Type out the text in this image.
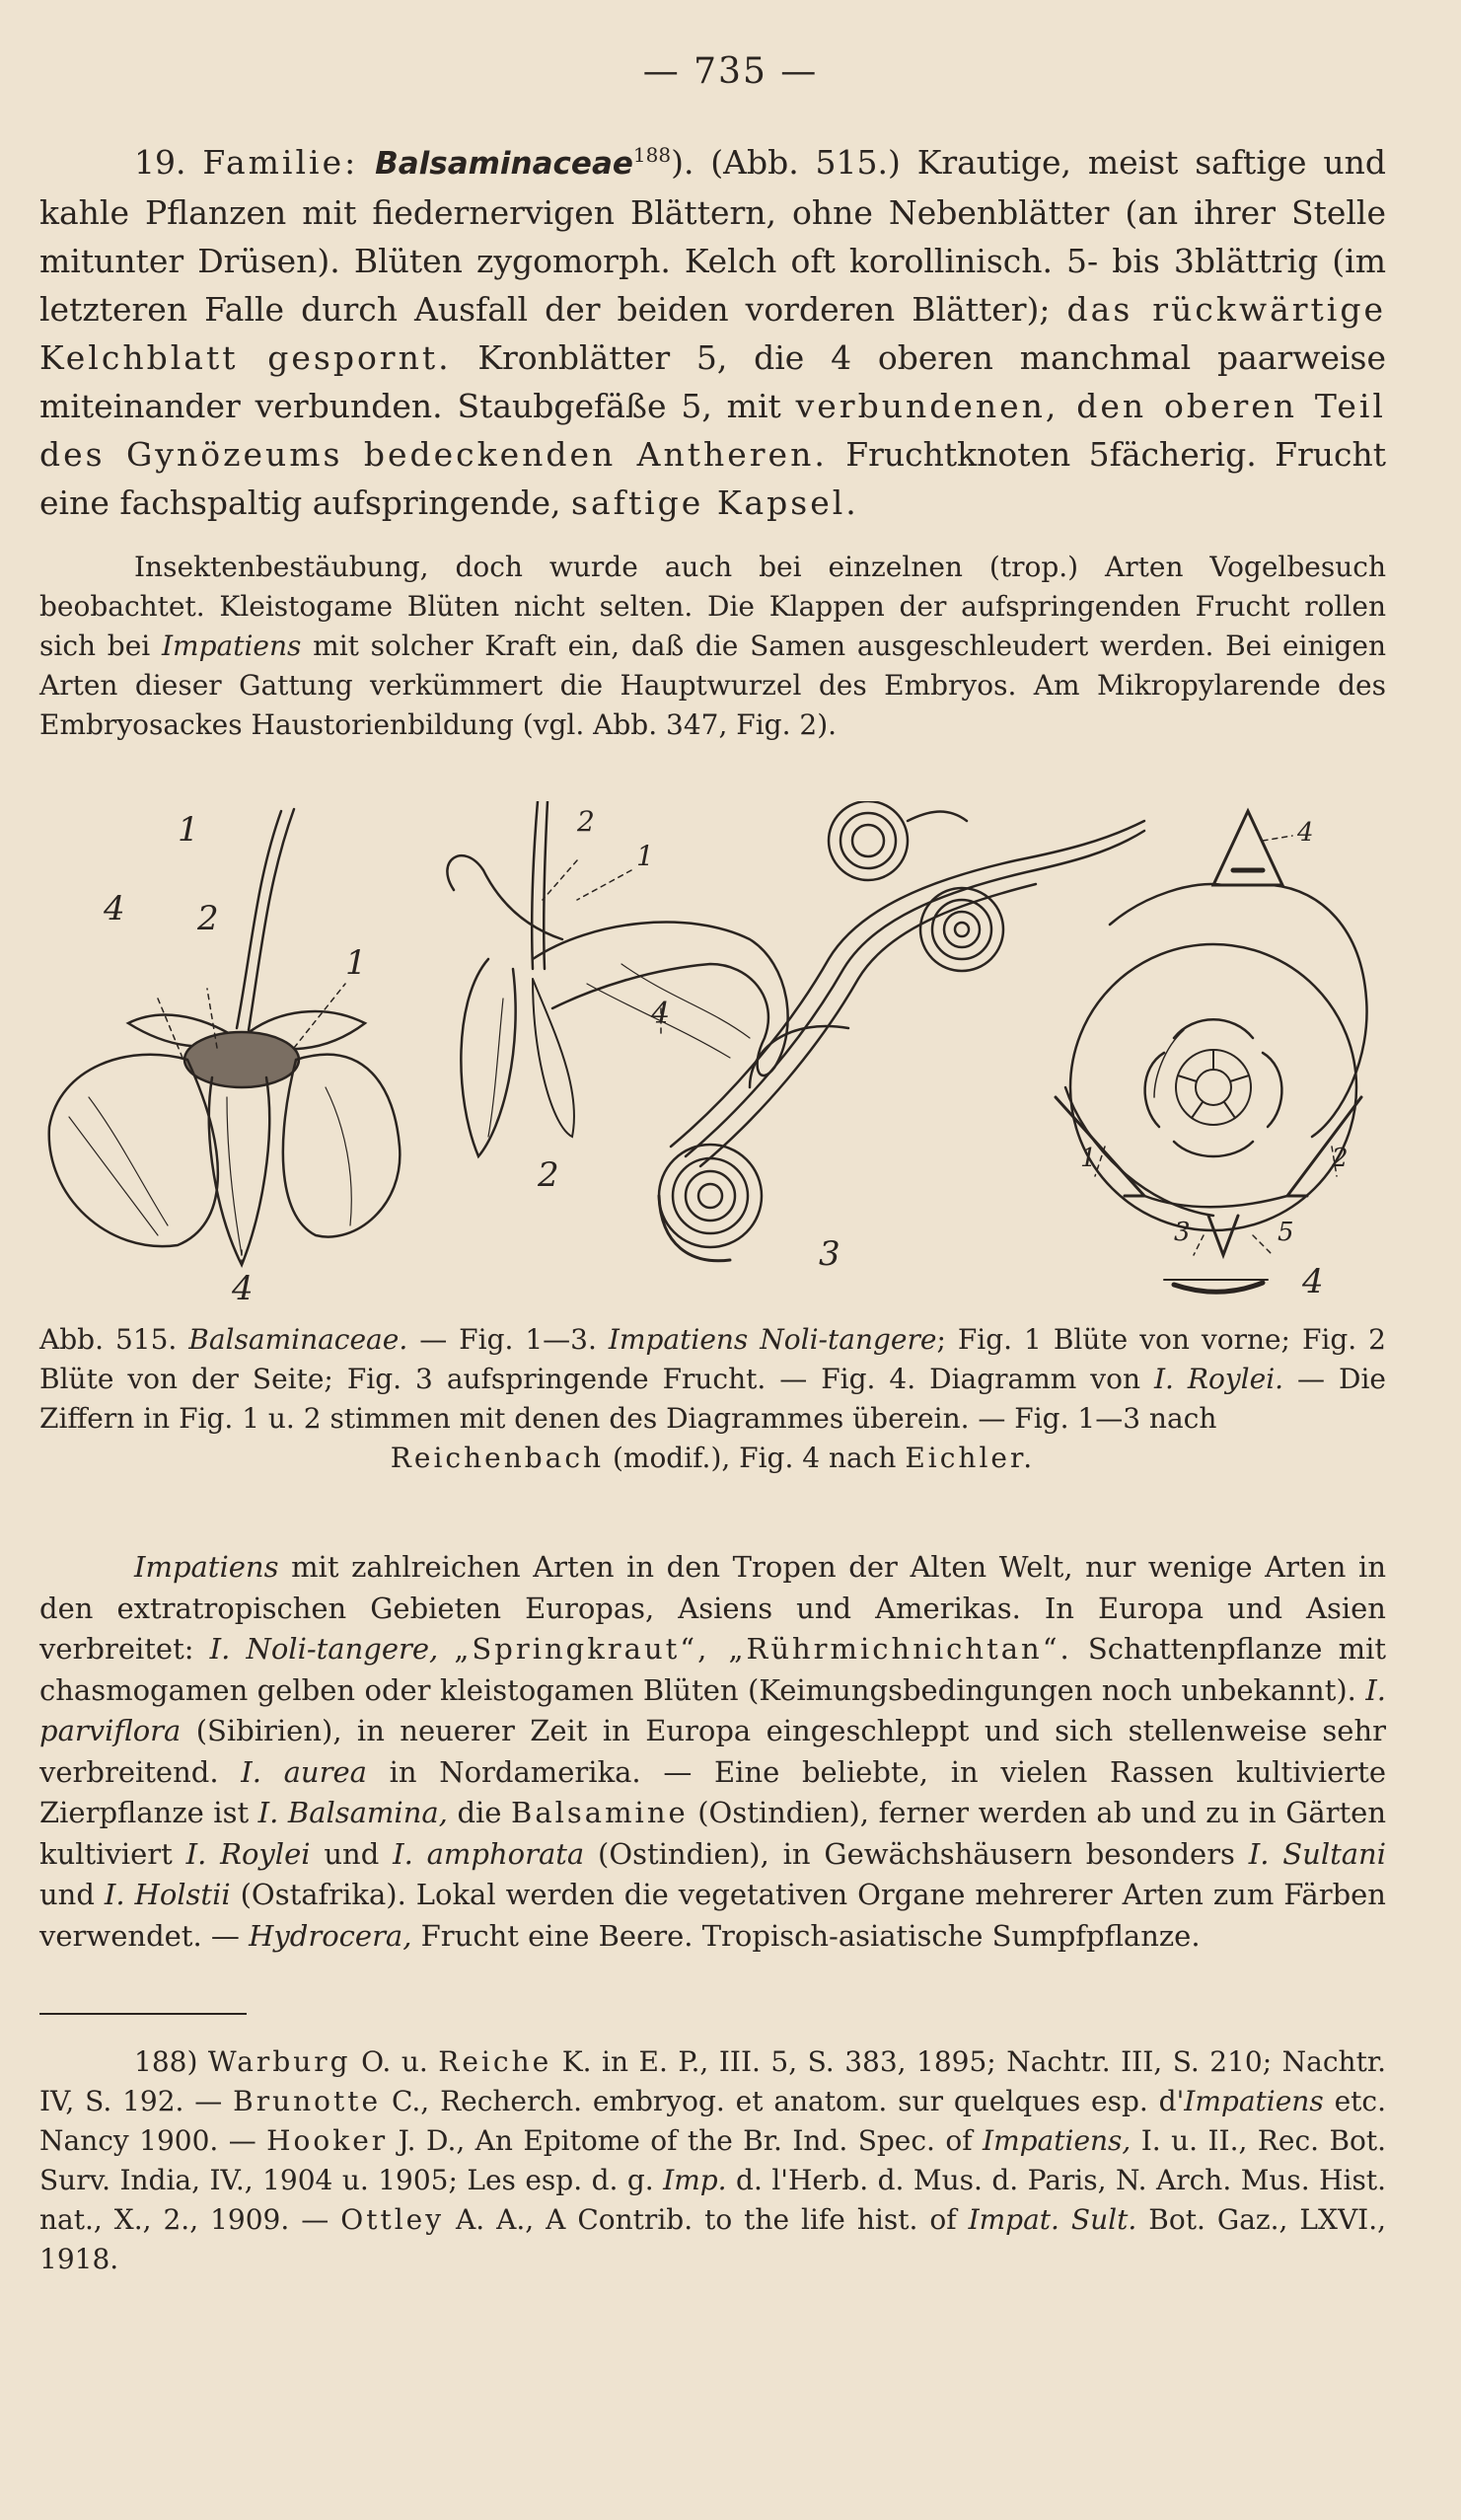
— 735 —
19. Familie: Balsaminaceae$^{188}$). (Abb. 515.) Krautige, meist saftige und kahle Pflanzen mit fiedernervigen Blättern, ohne Nebenblätter (an ihrer Stelle mitunter Drüsen). Blüten zygomorph. Kelch oft korollinisch. 5- bis 3blättrig (im letzteren Falle durch Ausfall der beiden vorderen Blätter); das rückwärtige Kelchblatt gespornt. Kronblätter 5, die 4 oberen manchmal paarweise miteinander verbunden. Staubgefäße 5, mit verbundenen, den oberen Teil des Gynözeums bedeckenden Antheren. Fruchtknoten 5fächerig. Frucht eine fachspaltig aufspringende, saftige Kapsel.
Insektenbestäubung, doch wurde auch bei einzelnen (trop.) Arten Vogelbesuch beobachtet. Kleistogame Blüten nicht selten. Die Klappen der aufspringenden Frucht rollen sich bei Impatiens mit solcher Kraft ein, daß die Samen ausgeschleudert werden. Bei einigen Arten dieser Gattung verkümmert die Hauptwurzel des Embryos. Am Mikropylarende des Embryosackes Haustorienbildung (vgl. Abb. 347, Fig. 2).
1
4 2
1
4
2
1
4
2
3
4
1	2
3	5
4
Abb. 515. Balsaminaceae. — Fig. 1—3. Impatiens Noli-tangere; Fig. 1 Blüte von vorne; Fig. 2 Blüte von der Seite; Fig. 3 aufspringende Frucht. — Fig. 4. Diagramm von I. Roylei. — Die Ziffern in Fig. 1 u. 2 stimmen mit denen des Diagrammes überein. — Fig. 1—3 nach
Reichenbach (modif.), Fig. 4 nach Eichler.
Impatiens mit zahlreichen Arten in den Tropen der Alten Welt, nur wenige Arten in den extratropischen Gebieten Europas, Asiens und Amerikas. In Europa und Asien verbreitet: I. Noli-tangere, „Springkraut“, „Rührmichnichtan“. Schattenpflanze mit chasmogamen gelben oder kleistogamen Blüten (Keimungsbedingungen noch unbekannt). I. parviflora (Sibirien), in neuerer Zeit in Europa eingeschleppt und sich stellenweise sehr verbreitend. I. aurea in Nordamerika. — Eine beliebte, in vielen Rassen kultivierte Zierpflanze ist I. Balsamina, die Balsamine (Ostindien), ferner werden ab und zu in Gärten kultiviert I. Roylei und I. amphorata (Ostindien), in Gewächshäusern besonders I. Sultani und I. Holstii (Ostafrika). Lokal werden die vegetativen Organe mehrerer Arten zum Färben verwendet. — Hydrocera, Frucht eine Beere. Tropisch-asiatische Sumpfpflanze.
188) Warburg O. u. Reiche K. in E. P., III. 5, S. 383, 1895; Nachtr. III, S. 210; Nachtr. IV, S. 192. — Brunotte C., Recherch. embryog. et anatom. sur quelques esp. d'Impatiens etc. Nancy 1900. — Hooker J. D., An Epitome of the Br. Ind. Spec. of Impatiens, I. u. II., Rec. Bot. Surv. India, IV., 1904 u. 1905; Les esp. d. g. Imp. d. l'Herb. d. Mus. d. Paris, N. Arch. Mus. Hist. nat., X., 2., 1909. — Ottley A. A., A Contrib. to the life hist. of Impat. Sult. Bot. Gaz., LXVI., 1918.
